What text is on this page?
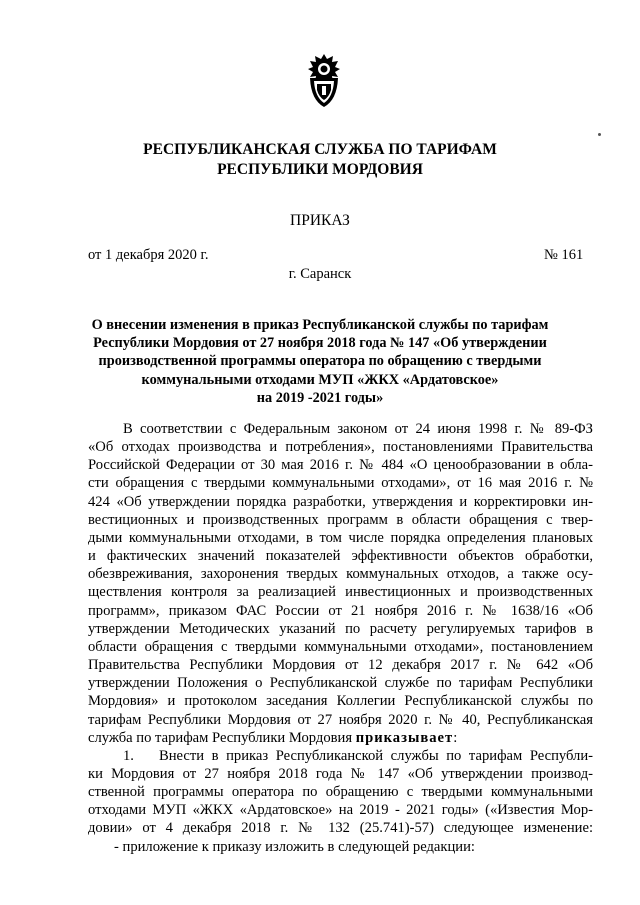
РЕСПУБЛИКАНСКАЯ СЛУЖБА ПО ТАРИФАМ
РЕСПУБЛИКИ МОРДОВИЯ
ПРИКАЗ
от 1 декабря 2020 г.	№ 161
г. Саранск
О внесении изменения в приказ Республиканской службы по тарифам
Республики Мордовия от 27 ноября 2018 года № 147 «Об утверждении
производственной программы оператора по обращению с твердыми
коммунальными отходами МУП «ЖКХ «Ардатовское»
на 2019 -2021 годы»
В соответствии с Федеральным законом от 24 июня 1998 г. № 89-ФЗ
«Об отходах производства и потребления», постановлениями Правительства
Российской Федерации от 30 мая 2016 г. № 484 «О ценообразовании в обла-
сти обращения с твердыми коммунальными отходами», от 16 мая 2016 г. №
424 «Об утверждении порядка разработки, утверждения и корректировки ин-
вестиционных и производственных программ в области обращения с твер-
дыми коммунальными отходами, в том числе порядка определения плановых
и фактических значений показателей эффективности объектов обработки,
обезвреживания, захоронения твердых коммунальных отходов, а также осу-
ществления контроля за реализацией инвестиционных и производственных
программ», приказом ФАС России от 21 ноября 2016 г. № 1638/16 «Об
утверждении Методических указаний по расчету регулируемых тарифов в
области обращения с твердыми коммунальными отходами», постановлением
Правительства Республики Мордовия от 12 декабря 2017 г. № 642 «Об
утверждении Положения о Республиканской службе по тарифам Республики
Мордовия» и протоколом заседания Коллегии Республиканской службы по
тарифам Республики Мордовия от 27 ноября 2020 г. № 40, Республиканская
служба по тарифам Республики Мордовия приказывает:
1. Внести в приказ Республиканской службы по тарифам Республи-
ки Мордовия от 27 ноября 2018 года № 147 «Об утверждении производ-
ственной программы оператора по обращению с твердыми коммунальными
отходами МУП «ЖКХ «Ардатовское» на 2019 - 2021 годы» («Известия Мор-
довии» от 4 декабря 2018 г. № 132 (25.741)-57) следующее изменение:
- приложение к приказу изложить в следующей редакции:
